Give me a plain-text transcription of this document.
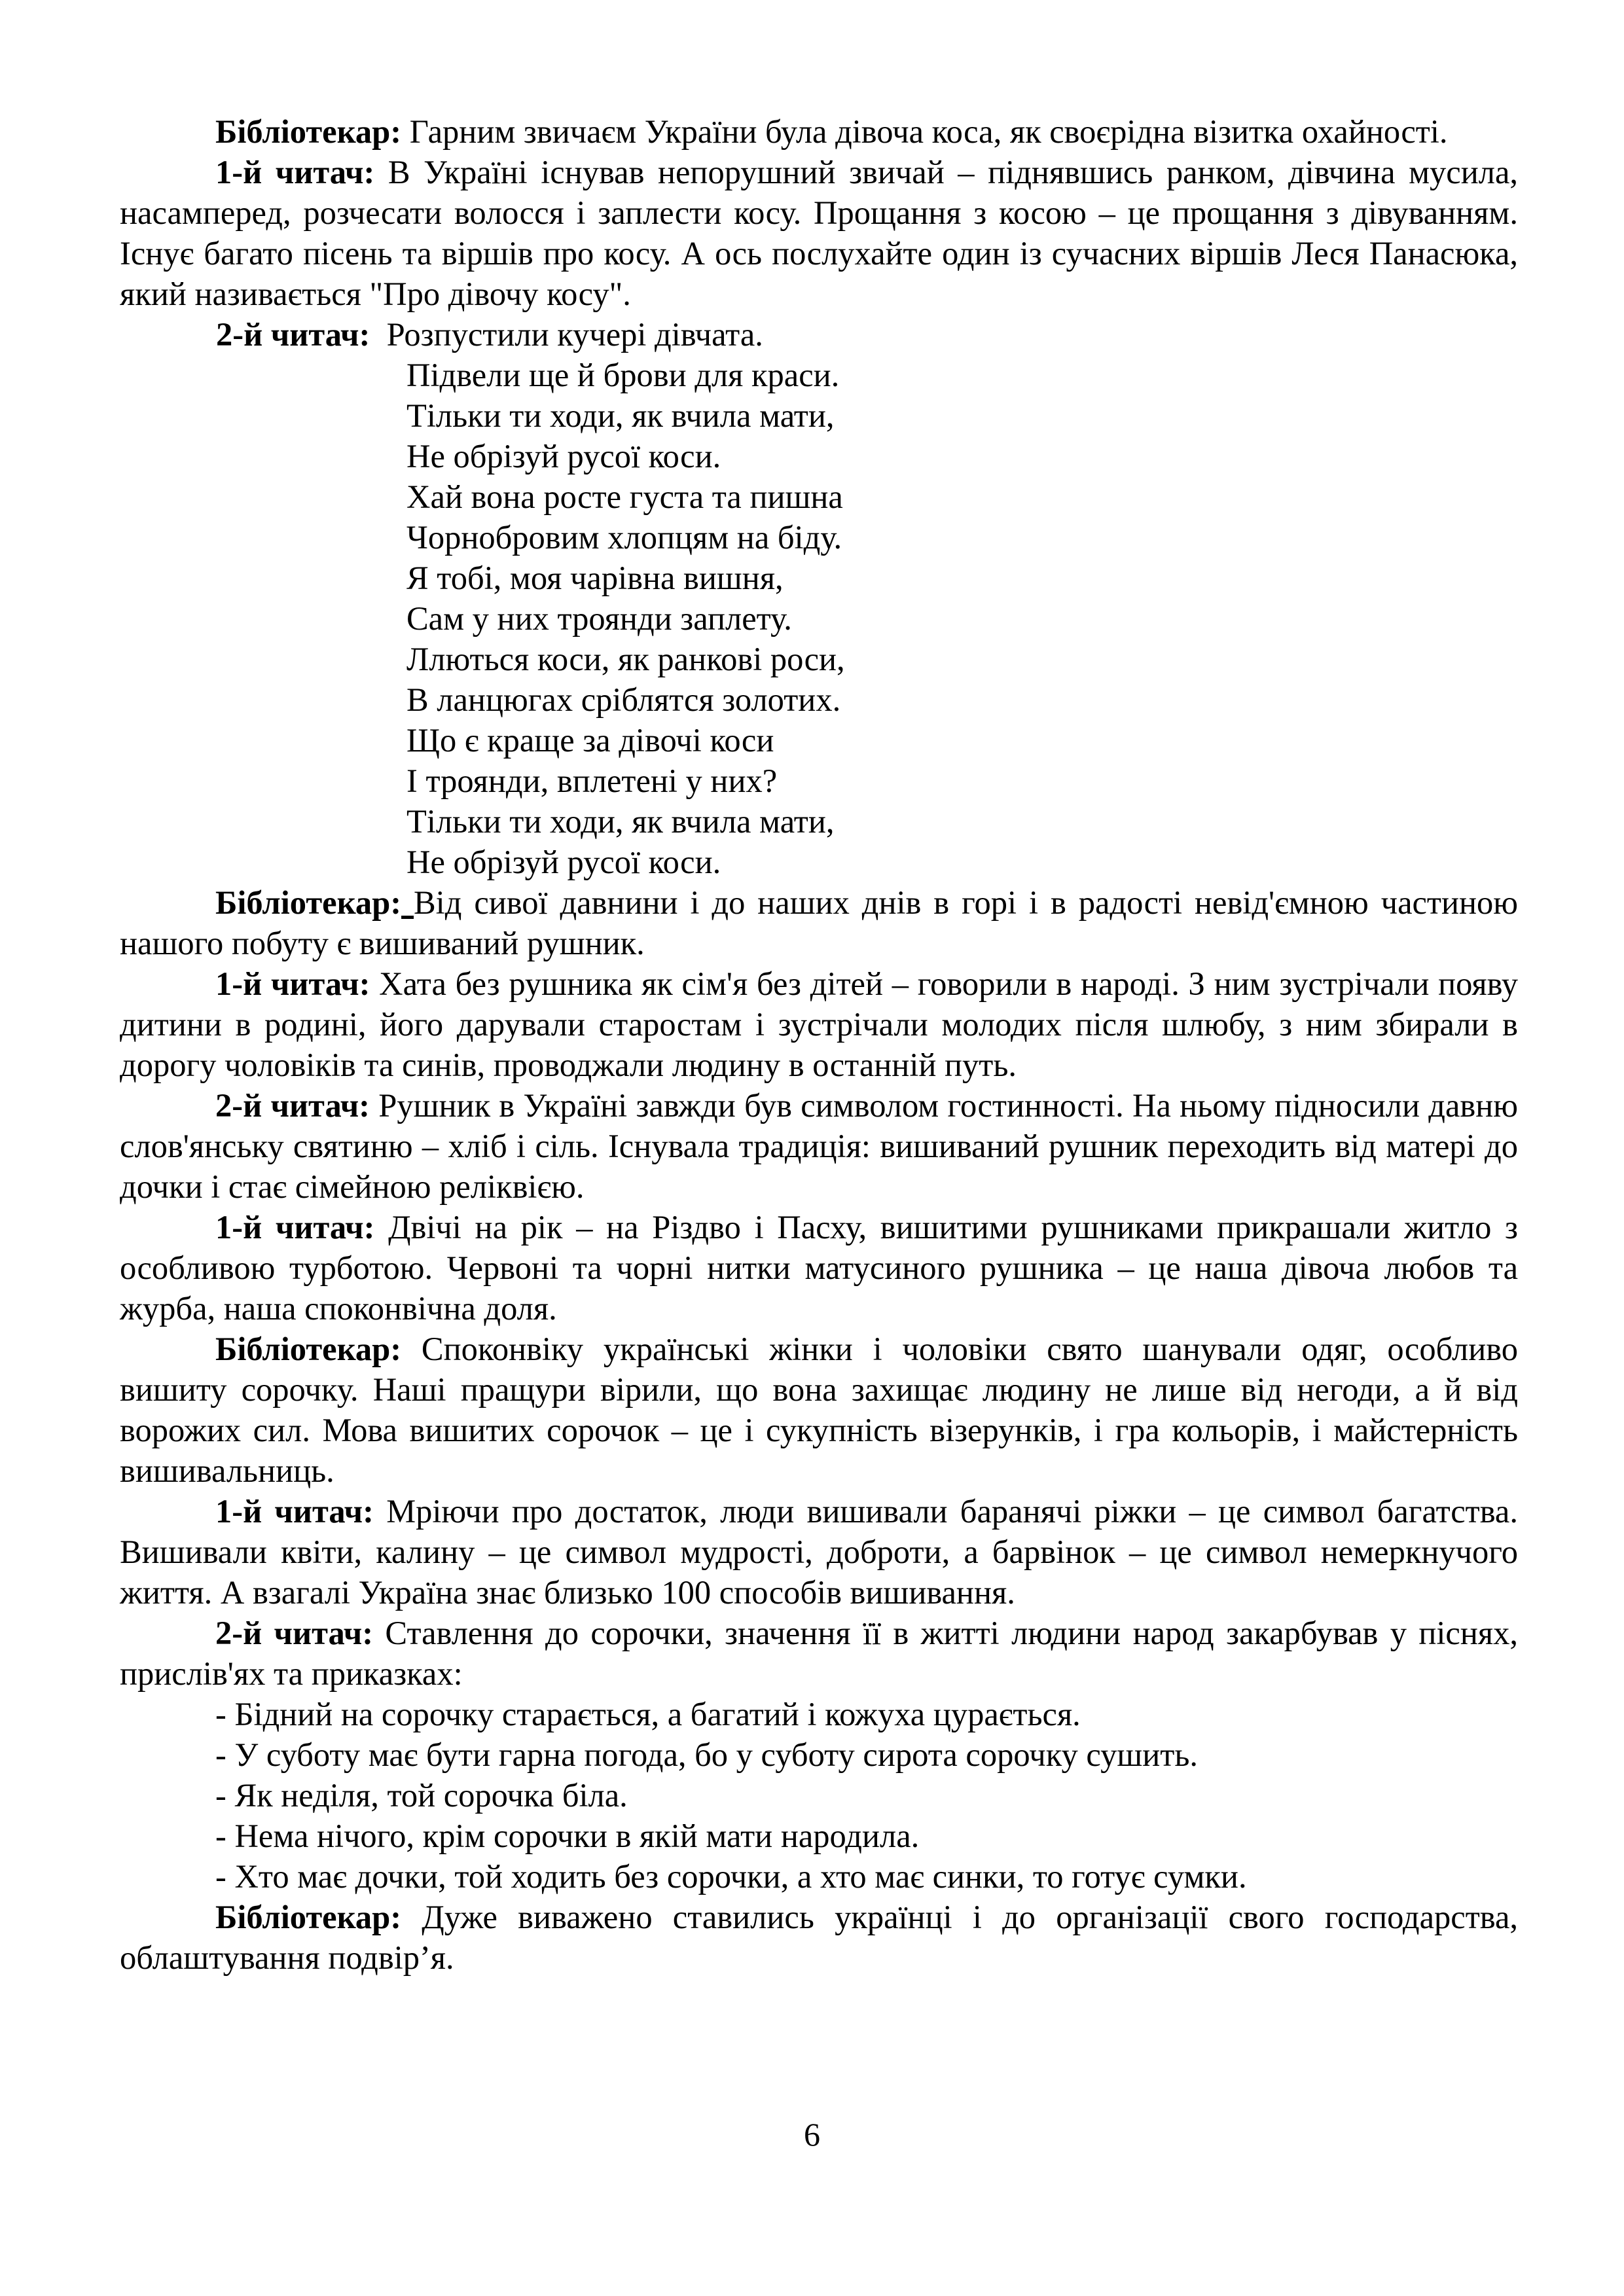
Бібліотекар: Гарним звичаєм України була дівоча коса, як своєрідна візитка охайності.

1-й читач: В Україні існував непорушний звичай – піднявшись ранком, дівчина мусила, насамперед, розчесати волосся і заплести косу. Прощання з косою – це прощання з дівуванням. Існує багато пісень та віршів про косу. А ось послухайте один із сучасних віршів Леся Панасюка, який називається "Про дівочу косу".

2-й читач: Розпустили кучері дівчата.
Підвели ще й брови для краси.
Тільки ти ходи, як вчила мати,
Не обрізуй русої коси.
Хай вона росте густа та пишна
Чорнобровим хлопцям на біду.
Я тобі, моя чарівна вишня,
Сам у них троянди заплету.
Ллються коси, як ранкові роси,
В ланцюгах сріблятся золотих.
Що є краще за дівочі коси
І троянди, вплетені у них?
Тільки ти ходи, як вчила мати,
Не обрізуй русої коси.

Бібліотекар: Від сивої давнини і до наших днів в горі і в радості невід'ємною частиною нашого побуту є вишиваний рушник.

1-й читач: Хата без рушника як сім'я без дітей – говорили в народі. З ним зустрічали появу дитини в родині, його дарували старостам і зустрічали молодих після шлюбу, з ним збирали в дорогу чоловіків та синів, проводжали людину в останній путь.

2-й читач: Рушник в Україні завжди був символом гостинності. На ньому підносили давню слов'янську святиню – хліб і сіль. Існувала традиція: вишиваний рушник переходить від матері до дочки і стає сімейною реліквією.

1-й читач: Двічі на рік – на Різдво і Пасху, вишитими рушниками прикрашали житло з особливою турботою. Червоні та чорні нитки матусиного рушника – це наша дівоча любов та журба, наша споконвічна доля.

Бібліотекар: Споконвіку українські жінки і чоловіки свято шанували одяг, особливо вишиту сорочку. Наші пращури вірили, що вона захищає людину не лише від негоди, а й від ворожих сил. Мова вишитих сорочок – це і сукупність візерунків, і гра кольорів, і майстерність вишивальниць.

1-й читач: Мріючи про достаток, люди вишивали баранячі ріжки – це символ багатства. Вишивали квіти, калину – це символ мудрості, доброти, а барвінок – це символ немеркнучого життя. А взагалі Україна знає близько 100 способів вишивання.

2-й читач: Ставлення до сорочки, значення її в житті людини народ закарбував у піснях, прислів'ях та приказках:

- Бідний на сорочку старається, а багатий і кожуха цурається.

- У суботу має бути гарна погода, бо у суботу сирота сорочку сушить.

- Як неділя, той сорочка біла.

- Нема нічого, крім сорочки в якій мати народила.

- Хто має дочки, той ходить без сорочки, а хто має синки, то готує сумки.

Бібліотекар: Дуже виважено ставились українці і до організації свого господарства, облаштування подвір’я.

6
